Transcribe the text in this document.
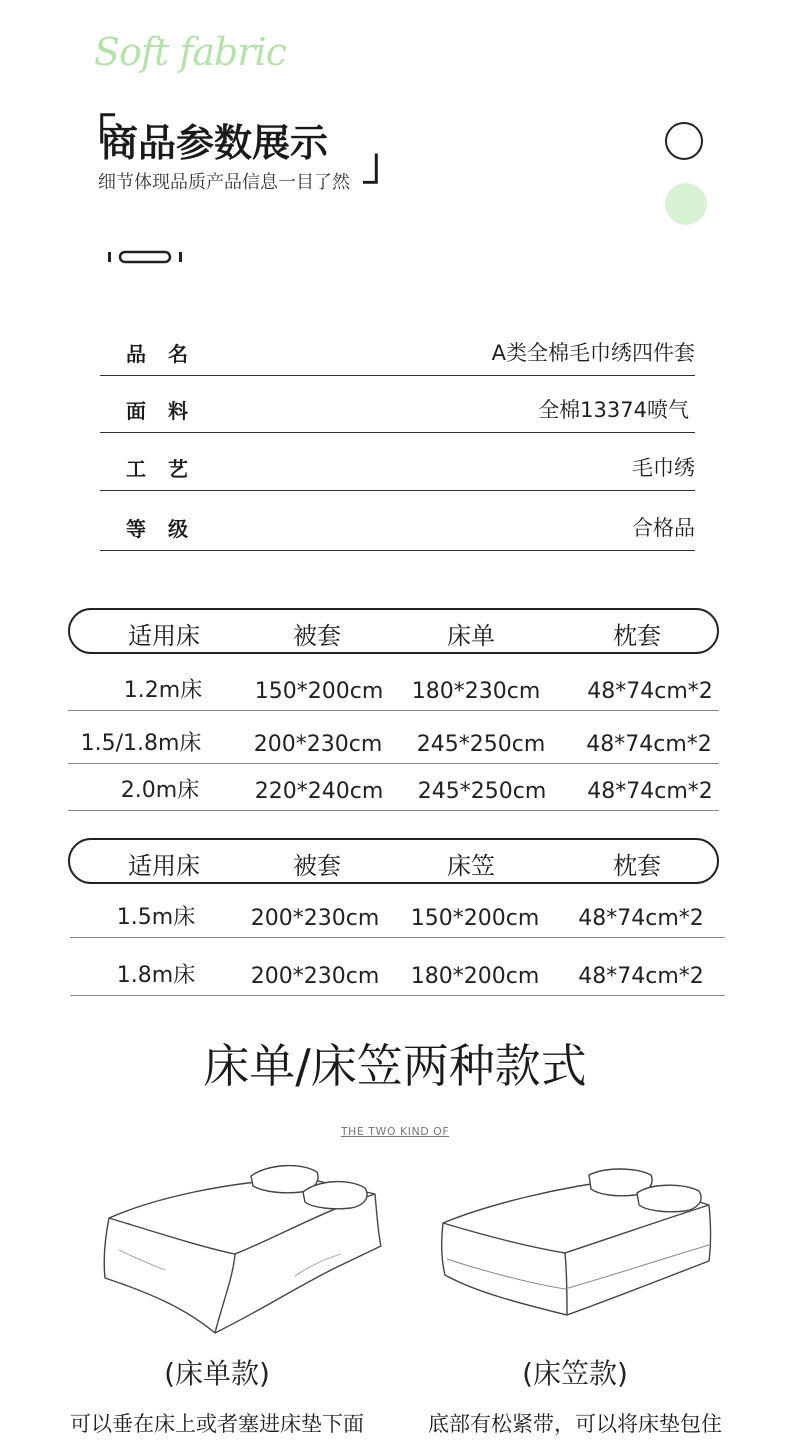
Soft fabric
「
商品参数展示 」
细节体现品质产品信息一目了然
品名	A类全棉毛巾绣四件套
面料	全棉13374喷气
工艺	毛巾绣
等级	合格品
适用床	被套	床单	枕套
1.2m床 150*200cm 180*230cm 48*74cm*2
1.5/1.8m床 200*230cm 245*250cm 48*74cm*2
2.0m床	220*240cm 245*250cm 48*74cm*2
适用床	被套	床笠	枕套
1.5m床	200*230cm 150*200cm 48*74cm*2
1.8m床	200*230cm 180*200cm 48*74cm*2
床单/床笠两种款式
THE TWO KIND OF
(床单款)	(床笠款)
可以垂在床上或者塞进床垫下面	底部有松紧带，可以将床垫包住
